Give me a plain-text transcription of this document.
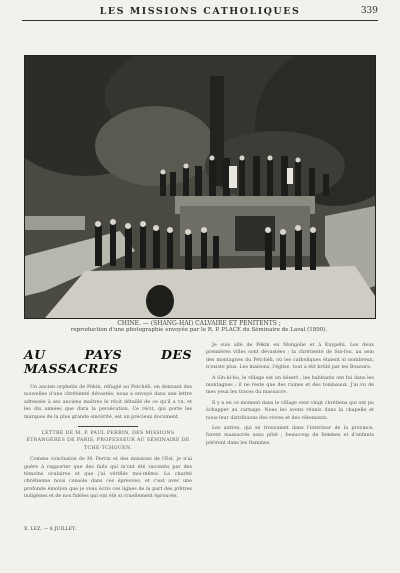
LES MISSIONS CATHOLIQUES	339
CHINE. — (SHANG-HAI) CALVAIRE ET PENITENTS ;
reproduction d'une photographie envoyée par le R. P. PLACE du Séminaire de Laval (1890).
AU PAYS DES MASSACRES

Un ancien orphelin de Pékin, réfugié au Petchéli, en donnant des nouvelles d'une chrétienté dévastée, nous a envoyé dans une lettre adressée à ses anciens maîtres le récit détaillé de ce qu'il a vu, et les dix années que dura la persécution. Ce récit, qui porte les marques de la plus grande sincérité, est un précieux document.

LETTRE DE M. P. PAUL PERRIN, DES MISSIONS ÉTRANGÈRES DE PARIS, PROFESSEUR AU SÉMINAIRE DE TCHE-TCHOUEN.

Comme conclusion de M. Perrin et des missions de l'Est, je n'ai guère à rapporter que des faits qui m'ont été racontés par des témoins oculaires et que j'ai vérifiés moi-même. La charité chrétienne nous console dans ces épreuves, et c'est avec une profonde émotion que je vous écris ces lignes de la part des prêtres indigènes et de nos fidèles qui ont été si cruellement éprouvés.

Je suis allé de Pékin en Mongolie et à Kuypehi. Les deux premières villes sont dévastées ; la chrétienté de Sin-fou, au sein des montagnes du Petchéli, où les catholiques étaient si nombreux, n'existe plus. Les maisons, l'église, tout a été brûlé par les Boxeurs.

A Sin-ki-ho, le village est un désert ; les habitants ont fui dans les montagnes ; il ne reste que des ruines et des tombeaux. J'ai vu de mes yeux les traces du massacre.

Il y a en ce moment dans le village cent vingt chrétiens qui ont pu échapper au carnage. Nous les avons réunis dans la chapelle et nous leur distribuons des vivres et des vêtements.

Les autres, qui se trouvaient dans l'intérieur de la province, furent massacrés sans pitié ; beaucoup de femmes et d'enfants périrent dans les flammes.

X. LEZ. — 8 JUILLET.
